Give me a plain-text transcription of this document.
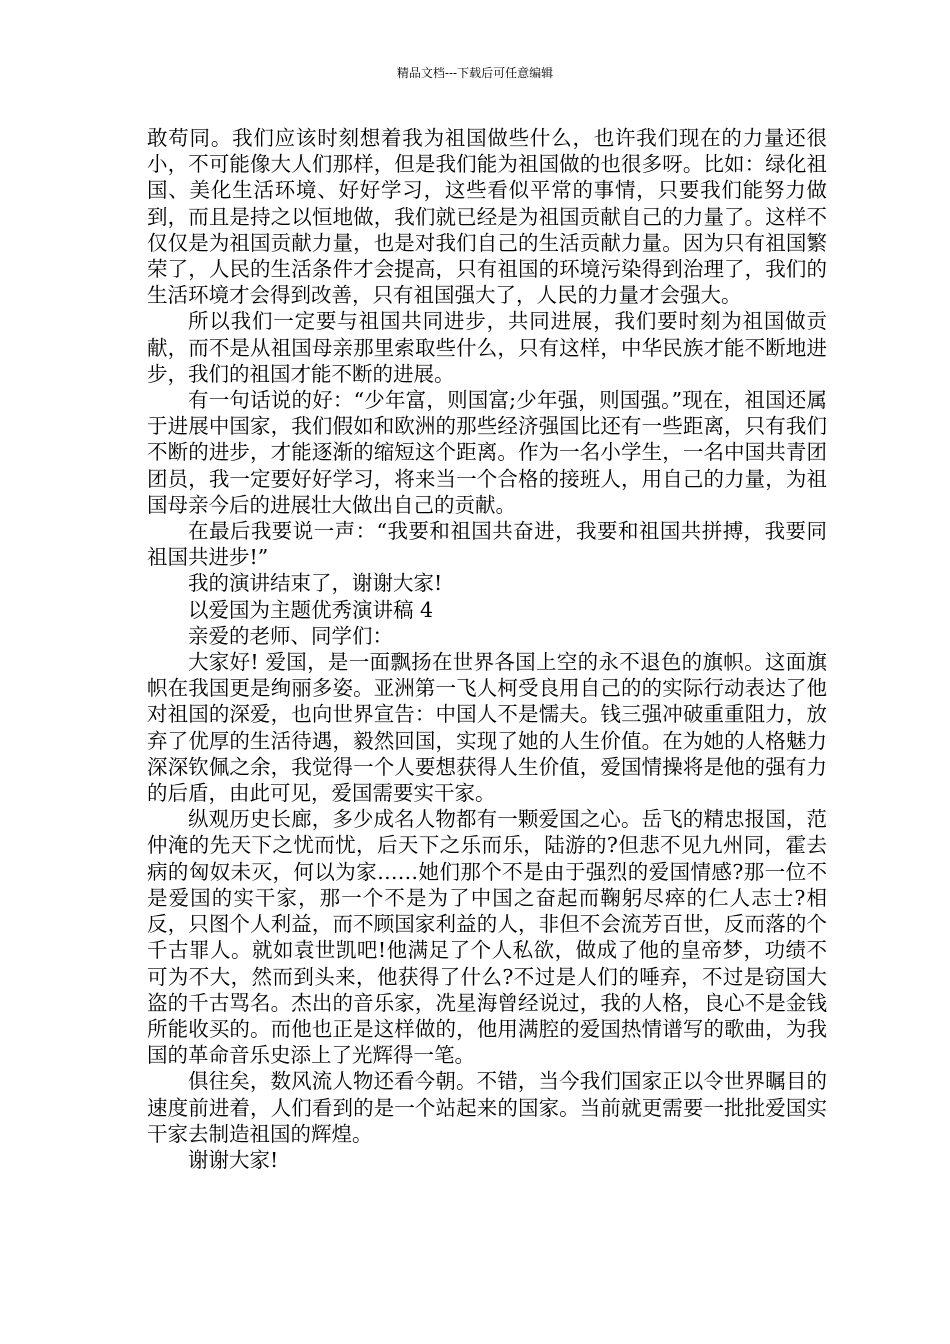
精品文档---下载后可任意编辑

敢苟同。我们应该时刻想着我为祖国做些什么，也许我们现在的力量还很小，不可能像大人们那样，但是我们能为祖国做的也很多呀。比如：绿化祖国、美化生活环境、好好学习，这些看似平常的事情，只要我们能努力做到，而且是持之以恒地做，我们就已经是为祖国贡献自己的力量了。这样不仅仅是为祖国贡献力量，也是对我们自己的生活贡献力量。因为只有祖国繁荣了，人民的生活条件才会提高，只有祖国的环境污染得到治理了，我们的生活环境才会得到改善，只有祖国强大了，人民的力量才会强大。

所以我们一定要与祖国共同进步，共同进展，我们要时刻为祖国做贡献，而不是从祖国母亲那里索取些什么，只有这样，中华民族才能不断地进步，我们的祖国才能不断的进展。

有一句话说的好：“少年富，则国富;少年强，则国强。”现在，祖国还属于进展中国家，我们假如和欧洲的那些经济强国比还有一些距离，只有我们不断的进步，才能逐渐的缩短这个距离。作为一名小学生，一名中国共青团团员，我一定要好好学习，将来当一个合格的接班人，用自己的力量，为祖国母亲今后的进展壮大做出自己的贡献。

在最后我要说一声：“我要和祖国共奋进，我要和祖国共拼搏，我要同祖国共进步!”

我的演讲结束了，谢谢大家!

以爱国为主题优秀演讲稿 4

亲爱的老师、同学们：

大家好! 爱国，是一面飘扬在世界各国上空的永不退色的旗帜。这面旗帜在我国更是绚丽多姿。亚洲第一飞人柯受良用自己的的实际行动表达了他对祖国的深爱，也向世界宣告：中国人不是懦夫。钱三强冲破重重阻力，放弃了优厚的生活待遇，毅然回国，实现了她的人生价值。在为她的人格魅力深深钦佩之余，我觉得一个人要想获得人生价值，爱国情操将是他的强有力的后盾，由此可见，爱国需要实干家。

纵观历史长廊，多少成名人物都有一颗爱国之心。岳飞的精忠报国，范仲淹的先天下之忧而忧，后天下之乐而乐，陆游的?但悲不见九州同，霍去病的匈奴未灭，何以为家……她们那个不是由于强烈的爱国情感?那一位不是爱国的实干家，那一个不是为了中国之奋起而鞠躬尽瘁的仁人志士?相反，只图个人利益，而不顾国家利益的人，非但不会流芳百世，反而落的个千古罪人。就如袁世凯吧!他满足了个人私欲，做成了他的皇帝梦，功绩不可为不大，然而到头来，他获得了什么?不过是人们的唾弃，不过是窃国大盗的千古骂名。杰出的音乐家，冼星海曾经说过，我的人格，良心不是金钱所能收买的。而他也正是这样做的，他用满腔的爱国热情谱写的歌曲，为我国的革命音乐史添上了光辉得一笔。

俱往矣，数风流人物还看今朝。不错，当今我们国家正以令世界瞩目的速度前进着，人们看到的是一个站起来的国家。当前就更需要一批批爱国实干家去制造祖国的辉煌。

谢谢大家!
